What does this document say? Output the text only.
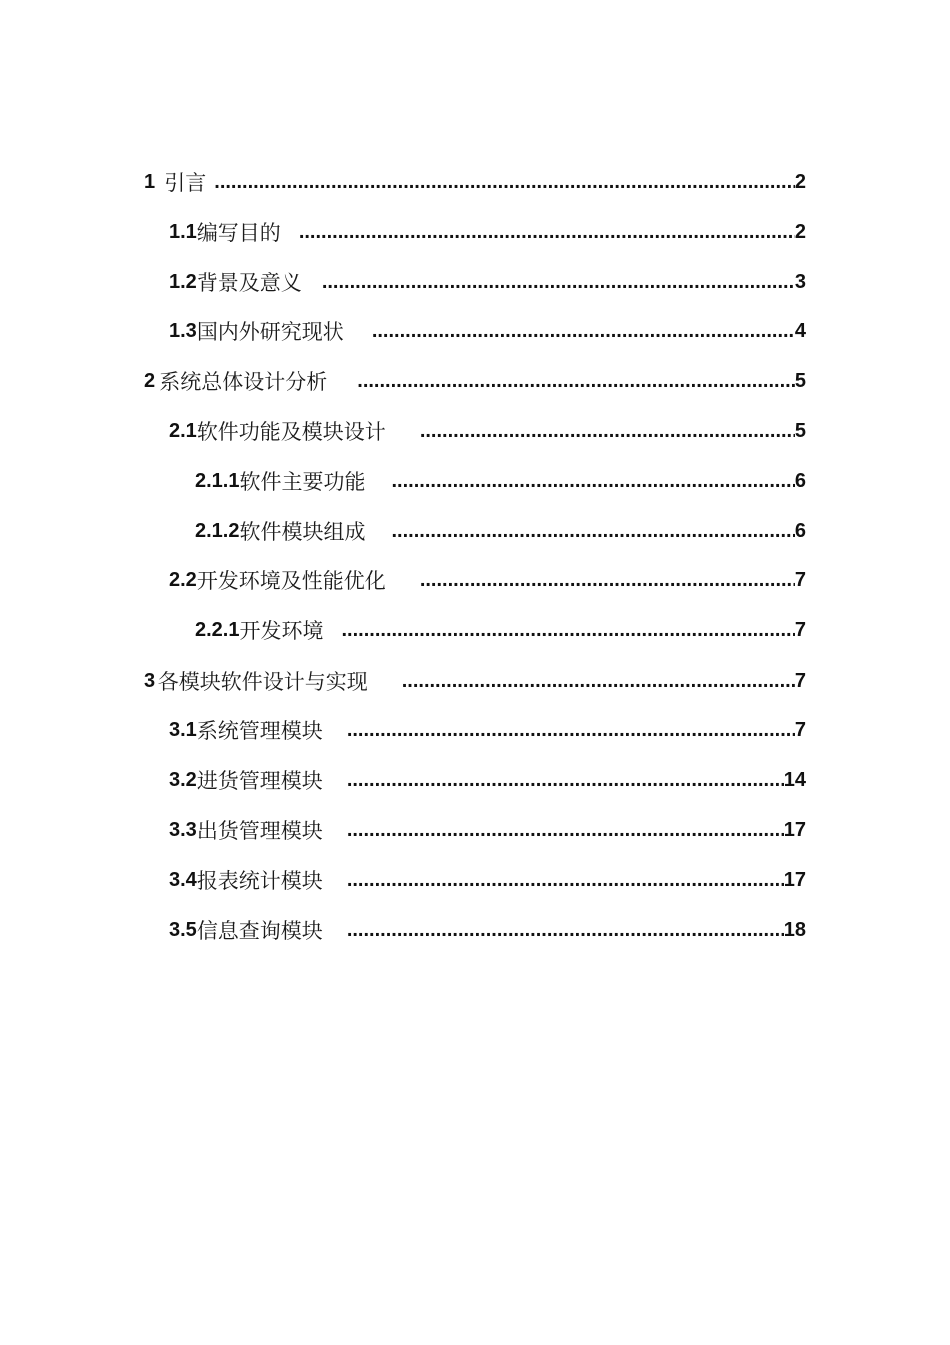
1 引言 .....	2
1.1 编写目的 .....	2
1.2 背景及意义 .....	3
1.3 国内外研究现状 .....	4
2 系统总体设计分析 .....	5
2.1 软件功能及模块设计 .....	5
2.1.1 软件主要功能 .....	6
2.1.2 软件模块组成 .....	6
2.2 开发环境及性能优化 .....	7
2.2.1 开发环境 .....	7
3 各模块软件设计与实现 .....	7
3.1 系统管理模块 .....	7
3.2 进货管理模块 .....	14
3.3 出货管理模块 .....	17
3.4 报表统计模块 .....	17
3.5 信息查询模块 .....	18
